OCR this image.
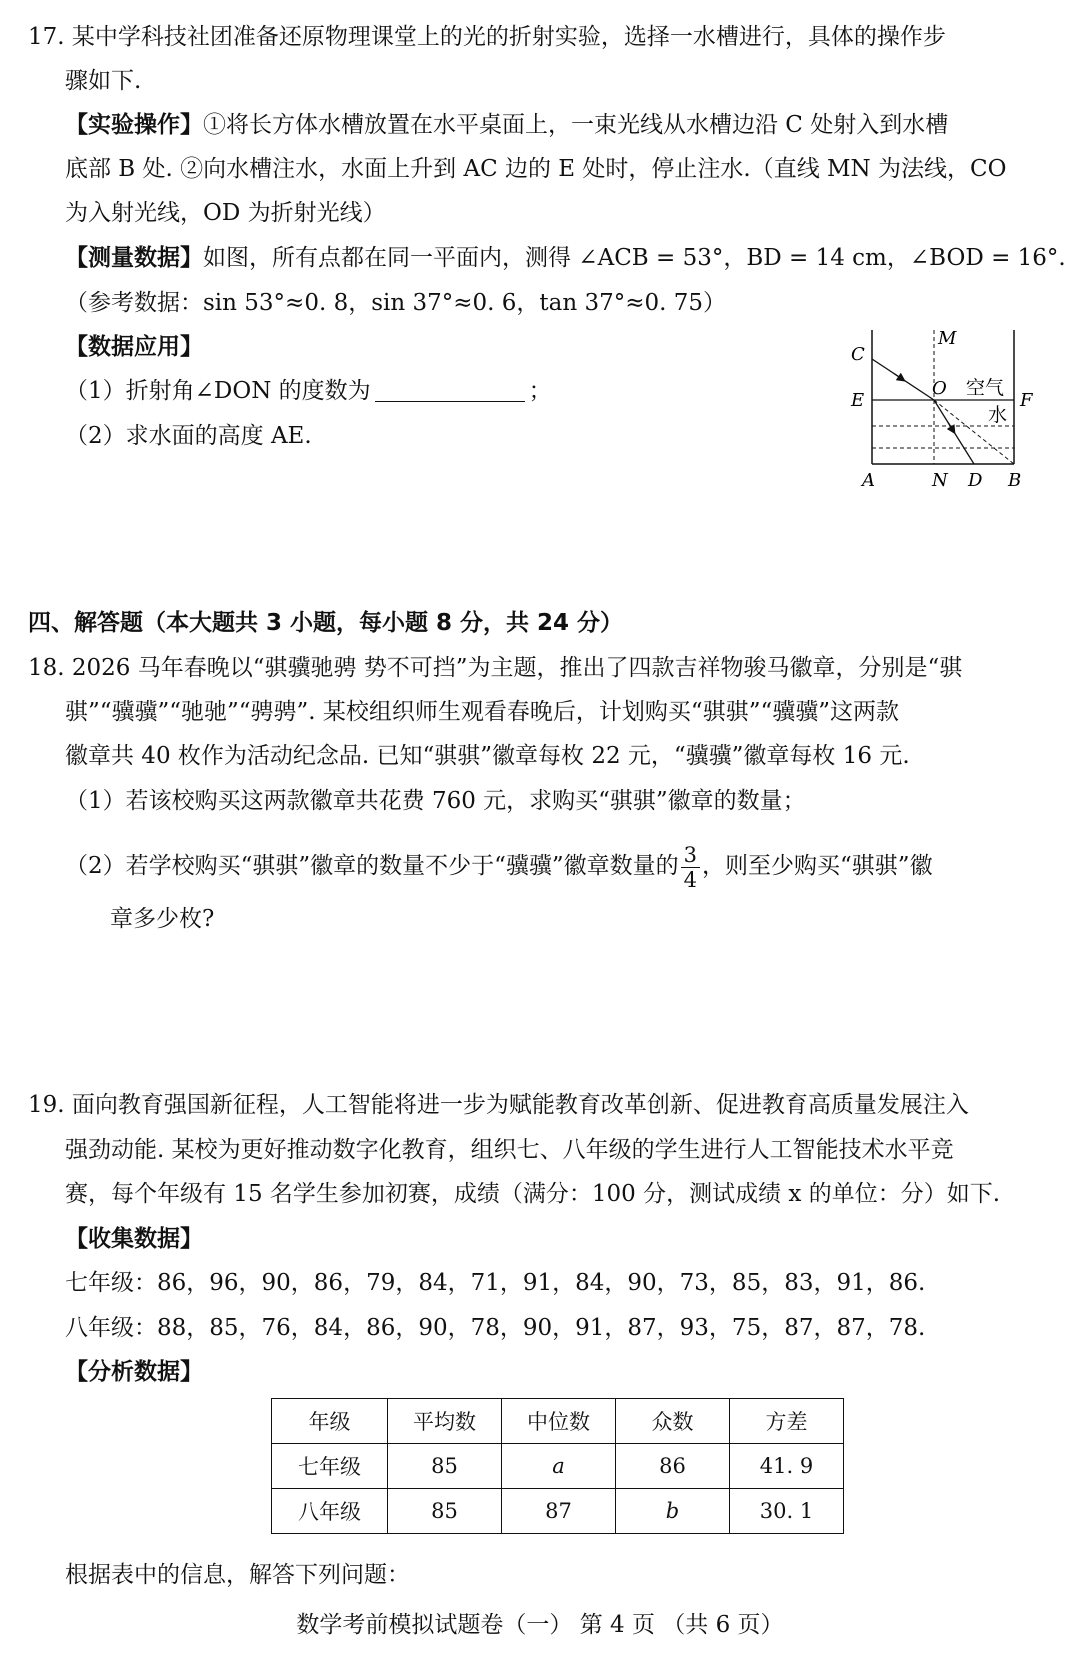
17. 某中学科技社团准备还原物理课堂上的光的折射实验，选择一水槽进行，具体的操作步
骤如下.
【实验操作】①将长方体水槽放置在水平桌面上，一束光线从水槽边沿 C 处射入到水槽
底部 B 处. ②向水槽注水，水面上升到 AC 边的 E 处时，停止注水.（直线 MN 为法线，CO
为入射光线，OD 为折射光线）
【测量数据】如图，所有点都在同一平面内，测得 ∠ACB = 53°，BD = 14 cm，∠BOD = 16°.
（参考数据：sin 53°≈0. 8，sin 37°≈0. 6，tan 37°≈0. 75）
【数据应用】
（1）折射角∠DON 的度数为	；
（2）求水面的高度 AE.
C
M
O 空气
E	F
水
A	N D B
四、解答题（本大题共 3 小题，每小题 8 分，共 24 分）
18. 2026 马年春晚以“骐骥驰骋 势不可挡”为主题，推出了四款吉祥物骏马徽章，分别是“骐
骐”“骥骥”“驰驰”“骋骋”. 某校组织师生观看春晚后，计划购买“骐骐”“骥骥”这两款
徽章共 40 枚作为活动纪念品. 已知“骐骐”徽章每枚 22 元，“骥骥”徽章每枚 16 元.
（1）若该校购买这两款徽章共花费 760 元，求购买“骐骐”徽章的数量；
（2）若学校购买“骐骐”徽章的数量不少于“骥骥”徽章数量的 $\frac{3}{4}$ ，则至少购买“骐骐”徽
章多少枚?
19. 面向教育强国新征程，人工智能将进一步为赋能教育改革创新、促进教育高质量发展注入
强劲动能. 某校为更好推动数字化教育，组织七、八年级的学生进行人工智能技术水平竞
赛，每个年级有 15 名学生参加初赛，成绩（满分：100 分，测试成绩 x 的单位：分）如下.
【收集数据】
七年级：86，96，90，86，79，84，71，91，84，90，73，85，83，91，86.
八年级：88，85，76，84，86，90，78，90，91，87，93，75，87，87，78.
【分析数据】
年级	平均数	中位数	众数	方差
七年级	85	a	86	41. 9
八年级	85	87	b	30. 1
根据表中的信息，解答下列问题：
数学考前模拟试题卷（一） 第 4 页 （共 6 页）
